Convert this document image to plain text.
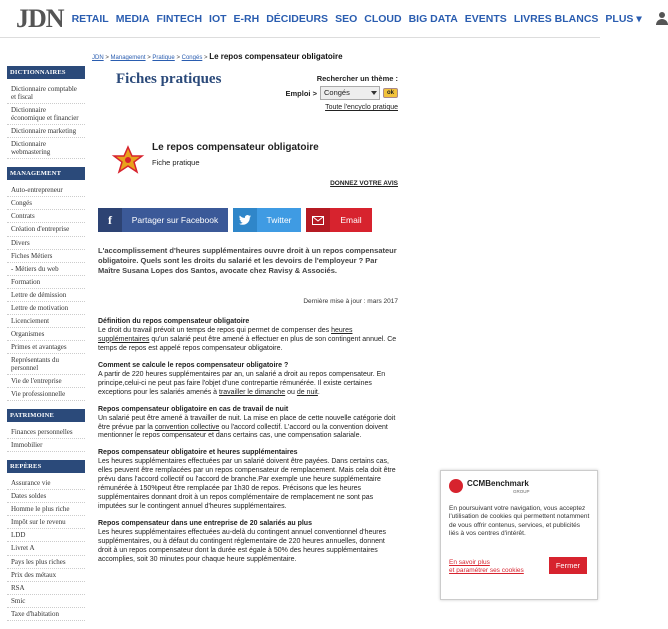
JDN RETAIL MEDIA FINTECH IOT E-RH DÉCIDEURS SEO CLOUD BIG DATA EVENTS LIVRES BLANCS PLUS ▾
DICTIONNAIRES
Dictionnaire comptable et fiscal
Dictionnaire économique et financier
Dictionnaire marketing
Dictionnaire webmastering
MANAGEMENT
Auto-entrepreneur
Congés
Contrats
Création d'entreprise
Divers
Fiches Métiers
- Métiers du web
Formation
Lettre de démission
Lettre de motivation
Licenciement
Organismes
Primes et avantages
Représentants du personnel
Vie de l'entreprise
Vie professionnelle
PATRIMOINE
Finances personnelles
Immobilier
REPÈRES
Assurance vie
Dates soldes
Homme le plus riche
Impôt sur le revenu
LDD
Livret A
Pays les plus riches
Prix des métaux
RSA
Smic
Taxe d'habitation
JDN > Management > Pratique > Congés > Le repos compensateur obligatoire
Fiches pratiques	Rechercher un thème :
Emploi > Congés	ok
Toute l'encyclo pratique
Le repos compensateur obligatoire
Fiche pratique
DONNEZ VOTRE AVIS
f	Partager sur Facebook	Twitter	Email
L'accomplissement d'heures supplémentaires ouvre droit à un repos compensateur obligatoire. Quels sont les droits du salarié et les devoirs de l'employeur ? Par Maître Susana Lopes dos Santos, avocate chez Ravisy & Associés.
Dernière mise à jour : mars 2017
Définition du repos compensateur obligatoire

Le droit du travail prévoit un temps de repos qui permet de compenser des heures supplémentaires qu'un salarié peut être amené à effectuer en plus de son contingent annuel. Ce temps de repos est appelé repos compensateur obligatoire.

Comment se calcule le repos compensateur obligatoire ?

A partir de 220 heures supplémentaires par an, un salarié a droit au repos compensateur. En principe,celui-ci ne peut pas faire l'objet d'une contrepartie rémunérée. Il existe certaines exceptions pour les salariés amenés à travailler le dimanche ou de nuit.

Repos compensateur obligatoire en cas de travail de nuit

Un salarié peut être amené à travailler de nuit. La mise en place de cette nouvelle catégorie doit être prévue par la convention collective ou l'accord collectif. L'accord ou la convention doivent mentionner le repos compensateur et dans certains cas, une compensation salariale.

Repos compensateur obligatoire et heures supplémentaires

Les heures supplémentaires effectuées par un salarié doivent être payées. Dans certains cas, elles peuvent être remplacées par un repos compensateur de remplacement. Mais cela doit être prévu dans l'accord collectif ou l'accord de branche.Par exemple une heure supplémentaire rémunérée à 150%peut être remplacée par 1h30 de repos. Précisons que les heures supplémentaires donnant droit à un repos complémentaire de remplacement ne sont pas imputées sur le contingent annuel d'heures supplémentaires.

Repos compensateur dans une entreprise de 20 salariés au plus

Les heures supplémentaires effectuées au-delà du contingent annuel conventionnel d'heures supplémentaires, ou à défaut du contingent réglementaire de 220 heures annuelles, donnent droit à un repos compensateur dont la durée est égale à 50% des heures supplémentaires accomplies, soit 30 minutes pour chaque heure supplémentaire.

CCMBenchmark
GROUP
En poursuivant votre navigation, vous acceptez l'utilisation de cookies qui permettent notamment de vous offrir contenus, services, et publicités liés à vos centres d'intérêt.
En savoir plus
et paramétrer ses cookies
Fermer
